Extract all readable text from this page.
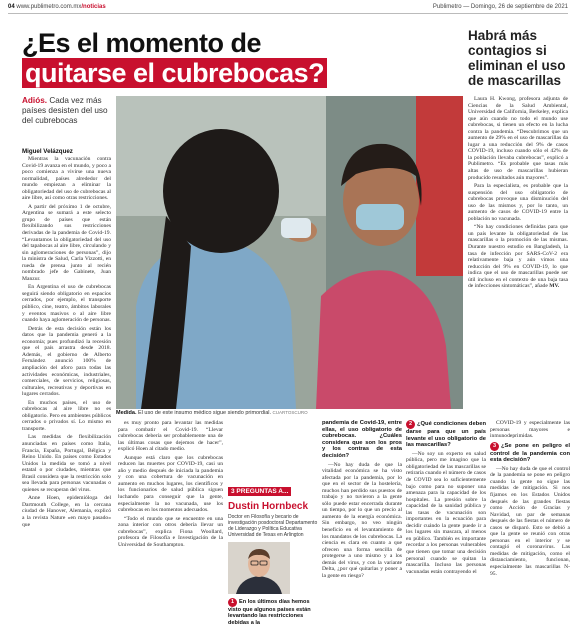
04 www.publimetro.com.mx/noticias	Publimetro — Domingo, 26 de septiembre de 2021
¿Es el momento de
quitarse el cubrebocas?
Habrá más contagios si eliminan el uso de mascarillas
Adiós. Cada vez más países desisten del uso del cubrebocas
Miguel Velázquez

Mientras la vacunación contra Covid-19 avanza en el mundo, y poco a poco comienza a vivirse una nueva normalidad, países alrededor del mundo empiezan a eliminar la obligatoriedad del uso de cubrebocas al aire libre, así como otras restricciones.

A partir del próximo 1 de octubre, Argentina se sumará a este selecto grupo de países que están flexibilizando sus restricciones derivadas de la pandemia de Covid-19. “Levantamos la obligatoriedad del uso del tapabocas al aire libre, circulando y sin aglomeraciones de personas”, dijo la ministra de Salud, Carla Vizzotti, en rueda de prensa junto al recién nombrado jefe de Gabinete, Juan Manzur.

En Argentina el uso de cubrebocas seguirá siendo obligatorio en espacios cerrados, por ejemplo, el transporte público, cine, teatro, ámbitos laborales y eventos masivos o al aire libre cuando haya aglomeración de personas.

Detrás de esta decisión están los datos que la pandemia generó a la economía; pues profundizó la recesión que el país arrastra desde 2018. Además, el gobierno de Alberto Fernández anunció 100% de ampliación del aforo para todas las actividades económicas, industriales, comerciales, de servicios, religiosas, culturales, recreativas y deportivas en lugares cerrados.

En muchos países, el uso de cubrebocas al aire libre no es obligatorio. Pero en ambientes públicos cerrados o privados sí. Lo mismo en transporte.

Las medidas de flexibilización anunciadas en países como Italia, Francia, España, Portugal, Bélgica y Reino Unido. En países como Estados Unidos la medida se tomó a nivel estatal o por ciudades, mientras que Brasil considera que la restricción solo sea llevada para personas vacunadas o quienes se recuperan del virus.

Anne Hoen, epidemióloga del Dartmouth College, en la cercana ciudad de Hanover, Alemania, explicó a la revista Nature «en mayo pasado» que

Medida. El uso de este insumo médico sigue siendo primordial. CUARTOSCURO

es muy pronto para levantar las medidas para combatir el Covid-19. “Llevar cubrebocas debería ser probablemente una de las últimas cosas que dejemos de hacer”, explicó Hoen al citado medio.

Aunque está claro que los cubrebocas reducen las muertes por COVID-19, casi un año y medio después de iniciada la pandemia y con una cobertura de vacunación en aumento en muchos lugares, los científicos y los funcionarios de salud pública siguen luchando para conseguir que la gente, especialmente la no vacunada, use los cubrebocas en los momentos adecuados.

“Todo el mundo que se encuentre en una zona interior con otros debería llevar un cubrebocas”, explica Fiona Woollard, profesora de Filosofía e Investigación de la Universidad de Southampton.

3 PREGUNTAS A...
Dustin Hornbeck
Doctor en Filosofía y becario de investigación posdoctoral Departamento de Liderazgo y Política Educativa Universidad de Texas en Arlington
1 En los últimos días hemos visto que algunos países están levantando las restricciones debidas a la

pandemia de Covid-19, entre ellas, el uso obligatorio de cubrebocas. ¿Cuáles considera que son los pros y los contras de esta decisión?

—No hay duda de que la vitalidad económica se ha visto afectada por la pandemia, por lo que en el sector de la hostelería, muchos han perdido sus puestos de trabajo y no tuvieron a la gente sólo puede estar encerrada durante un tiempo, por lo que un precio al aumento de la energía económica. Sin embargo, no veo ningún beneficio en el levantamiento de los mandatos de los cubrebocas. La ciencia es clara en cuanto a que ofrecen una forma sencilla de protegerse a uno mismo y a los demás del virus, y con la variante Delta, ¿por qué quitarlas y poner a la gente en riesgo?

2 ¿Qué condiciones deben darse para que un país levante el uso obligatorio de las mascarillas?

—No soy un experto en salud pública, pero me imagino que la obligatoriedad de las mascarillas se retiraría cuando el número de casos de COVID sea lo suficientemente bajo como para no suponer una amenaza para la capacidad de los hospitales. La presión sobre la capacidad de la sanidad pública y las tasas de vacunación son importantes en la ecuación para decidir cuándo la gente puede ir a los lugares sin mascara, al menos en público. También es importante recordar a los personas vulnerables que tienen que tomar una decisión personal cuando se quitan la mascarilla. Incluso las personas vacunadas están contrayendo el

COVID-19 y especialmente las personas mayores e inmunodeprimidas.

3 ¿Se pone en peligro el control de la pandemia con esta decisión?

—No hay duda de que el control de la pandemia se pone en peligro cuando la gente no sigue las medidas de mitigación. Si nos fijamos en los Estados Unidos después de las grandes fiestas como Acción de Gracias y Navidad, un par de semanas después de las fiestas el número de casos se disparó. Esto se debió a que la gente se reunió con otras personas en el interior y se contagió el coronavirus. Las medidas de mitigación, como el distanciamiento, funcionan, especialmente las mascarillas N-95.

Laura H. Kwong, profesora adjunta de Ciencias de la Salud Ambiental, Universidad de California, Berkeley, explica que aún cuando no todo el mundo use cubrebocas, si tienen un efecto en la lucha contra la pandemia. “Descubrimos que un aumento de 29% en el uso de mascarillas da lugar a una reducción del 9% de casos COVID-19, incluso cuando sólo el 42% de la población llevaba cubrebocas”, explicó a Publimetro. “Es probable que tasas más altas de uso de mascarillas hubieran producido resultados aún mayores”.

Para la especialista, es probable que la suspensión del uso obligatorio de cubrebocas provoque una disminución del uso de las mismos y, por lo tanto, un aumento de casos de COVID-19 entre la población no vacunada.

“No hay condiciones definidas para que un país levante la obligatoriedad de las mascarillas o la promoción de las mismas. Durante nuestro estudio en Bangladesh, la tasa de infección por SARS-CoV-2 era relativamente baja y aún vimos una reducción del 9% en COVID-19, lo que indica que el uso de mascarillas puede ser útil incluso en el contexto de una baja tasa de infecciones sintomáticas”, añade MV.
